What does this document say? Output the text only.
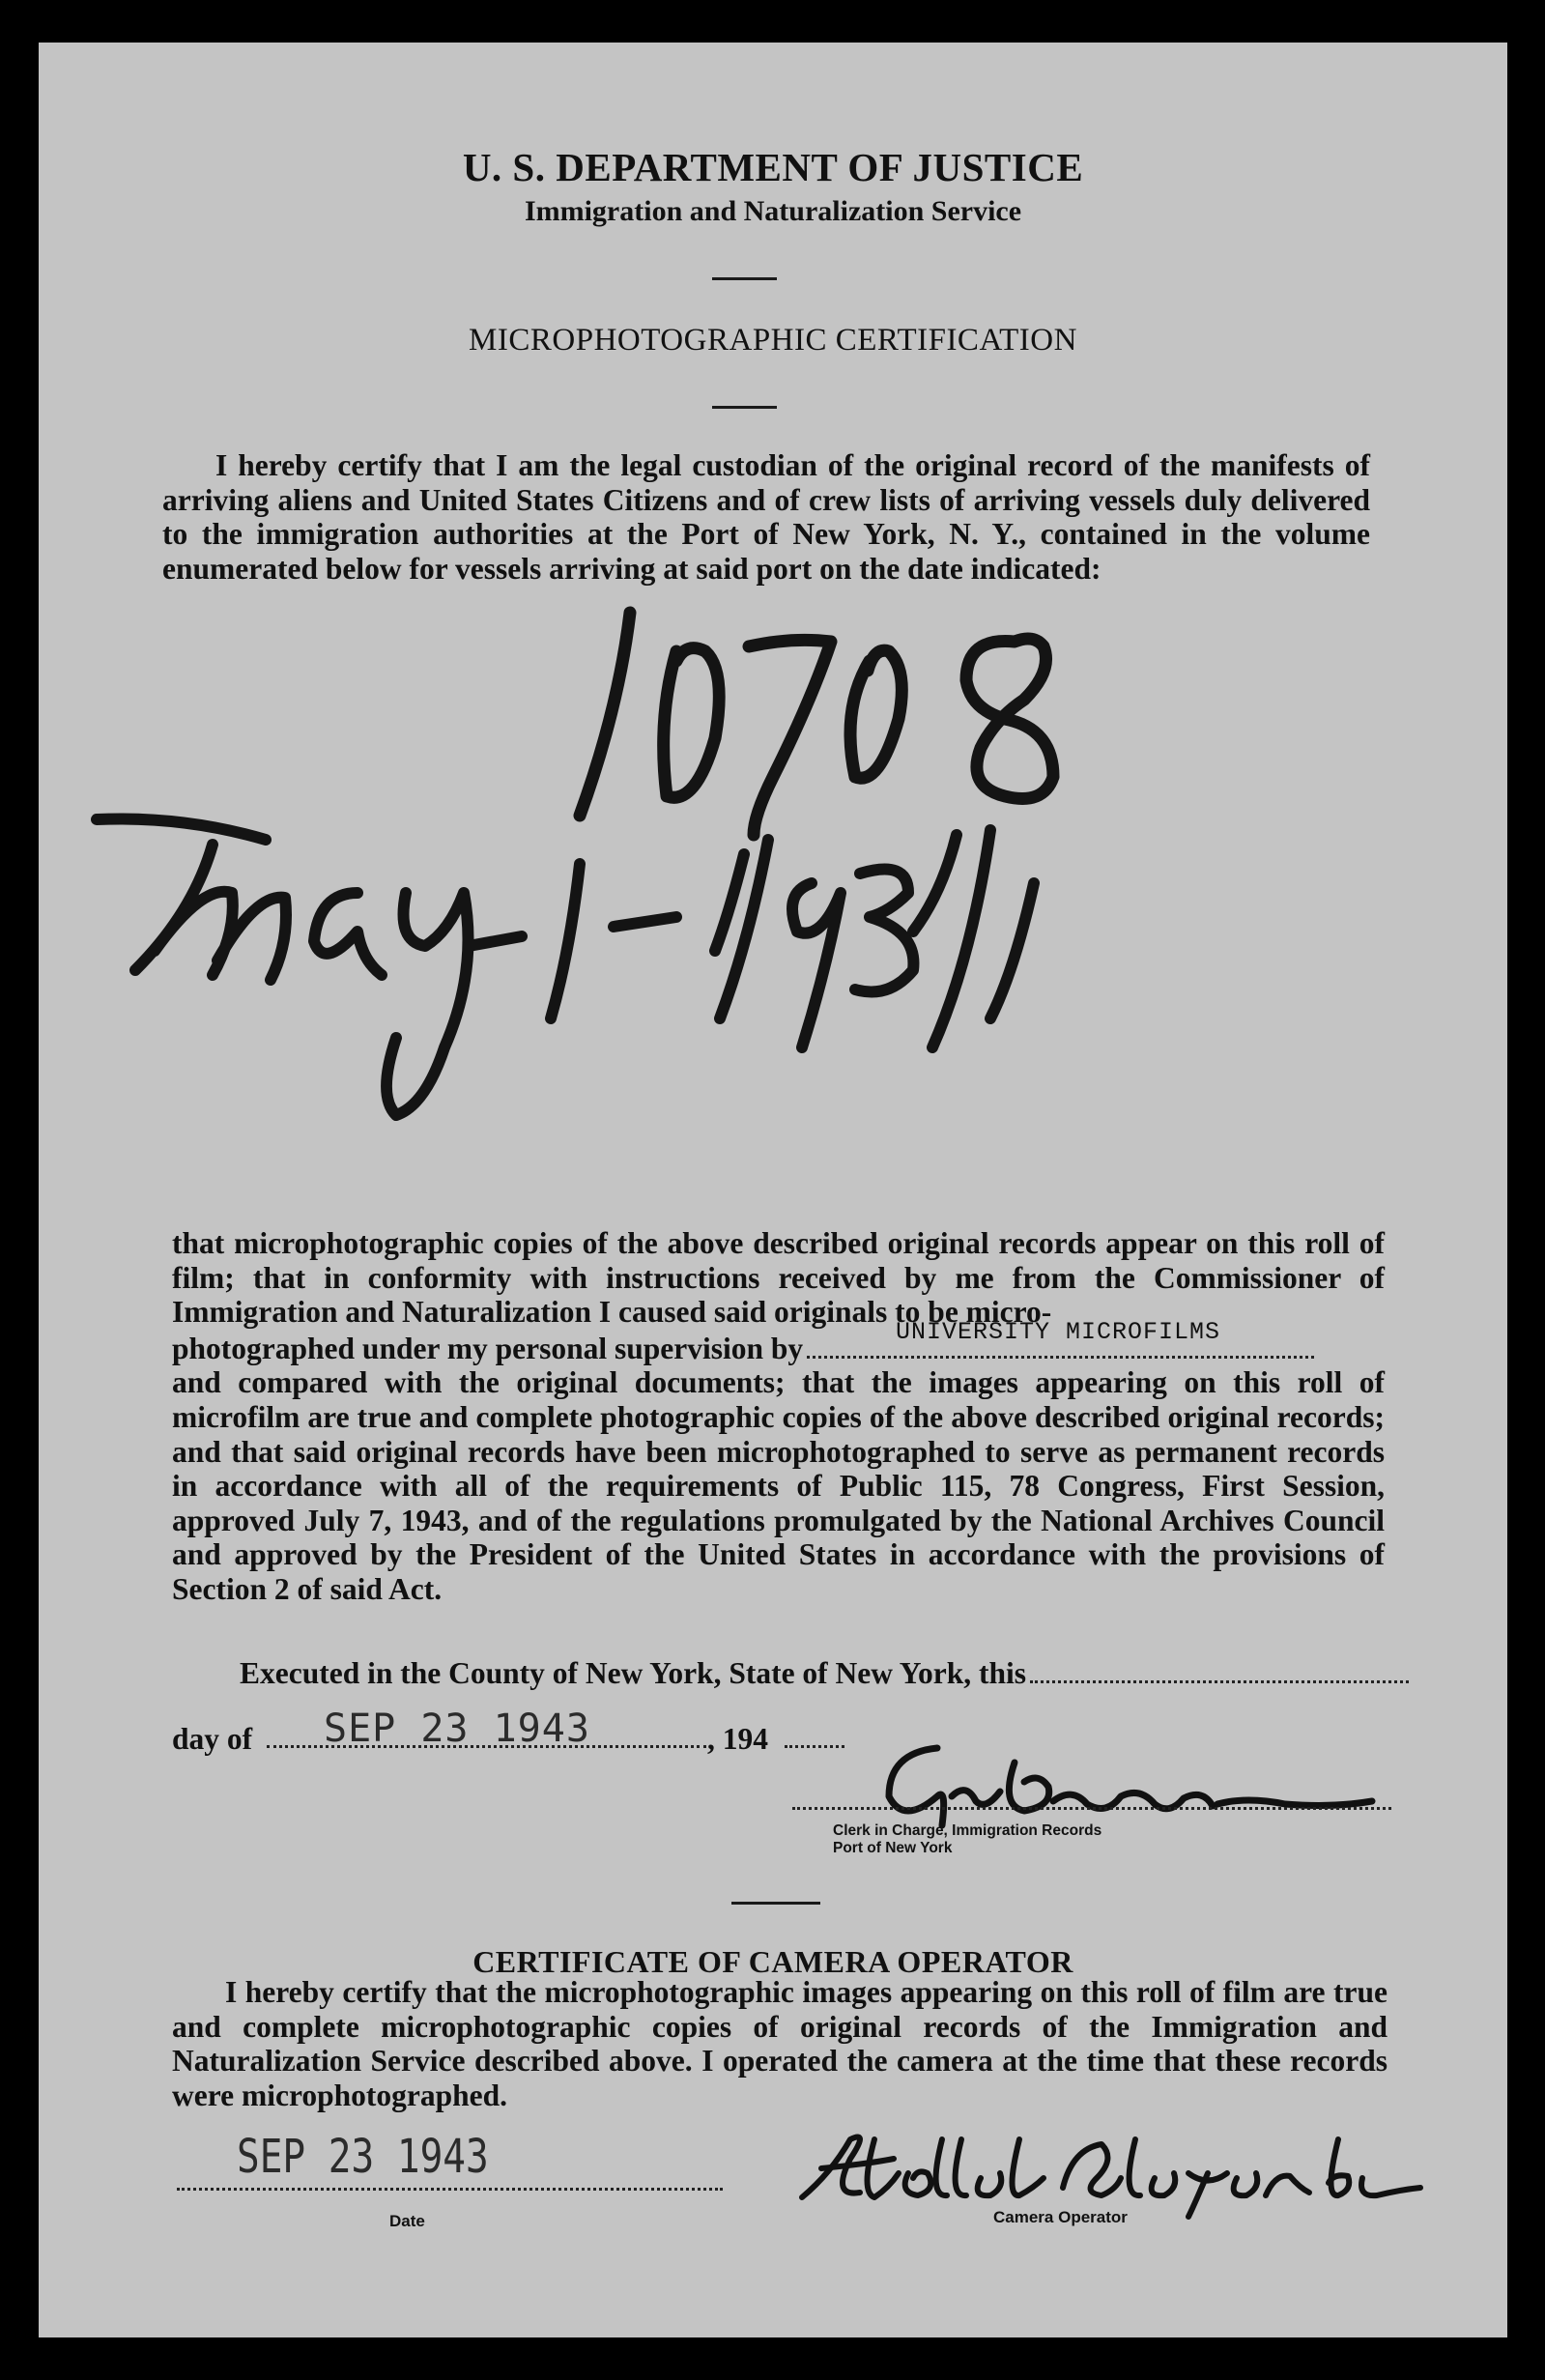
U. S. DEPARTMENT OF JUSTICE
Immigration and Naturalization Service
MICROPHOTOGRAPHIC CERTIFICATION
I hereby certify that I am the legal custodian of the original record of the manifests of arriving aliens and United States Citizens and of crew lists of arriving vessels duly delivered to the immigration authorities at the Port of New York, N. Y., contained in the volume enumerated below for vessels arriving at said port on the date indicated:
that microphotographic copies of the above described original records appear on this roll of film; that in conformity with instructions received by me from the Commissioner of Immigration and Naturalization I caused said originals to be micro-
photographed under my personal supervision by
and compared with the original documents; that the images appearing on this roll of microfilm are true and complete photographic copies of the above described original records; and that said original records have been microphotographed to serve as permanent records in accordance with all of the requirements of Public 115, 78 Congress, First Session, approved July 7, 1943, and of the regulations promulgated by the National Archives Council and approved by the President of the United States in accordance with the provisions of Section 2 of said Act.
UNIVERSITY MICROFILMS
Executed in the County of New York, State of New York, this
day of SEP 23 1943	, 194
Clerk in Charge, Immigration Records
Port of New York
CERTIFICATE OF CAMERA OPERATOR
I hereby certify that the microphotographic images appearing on this roll of film are true and complete microphotographic copies of original records of the Immigration and Naturalization Service described above. I operated the camera at the time that these records were microphotographed.
SEP 23 1943
Date	Camera Operator
